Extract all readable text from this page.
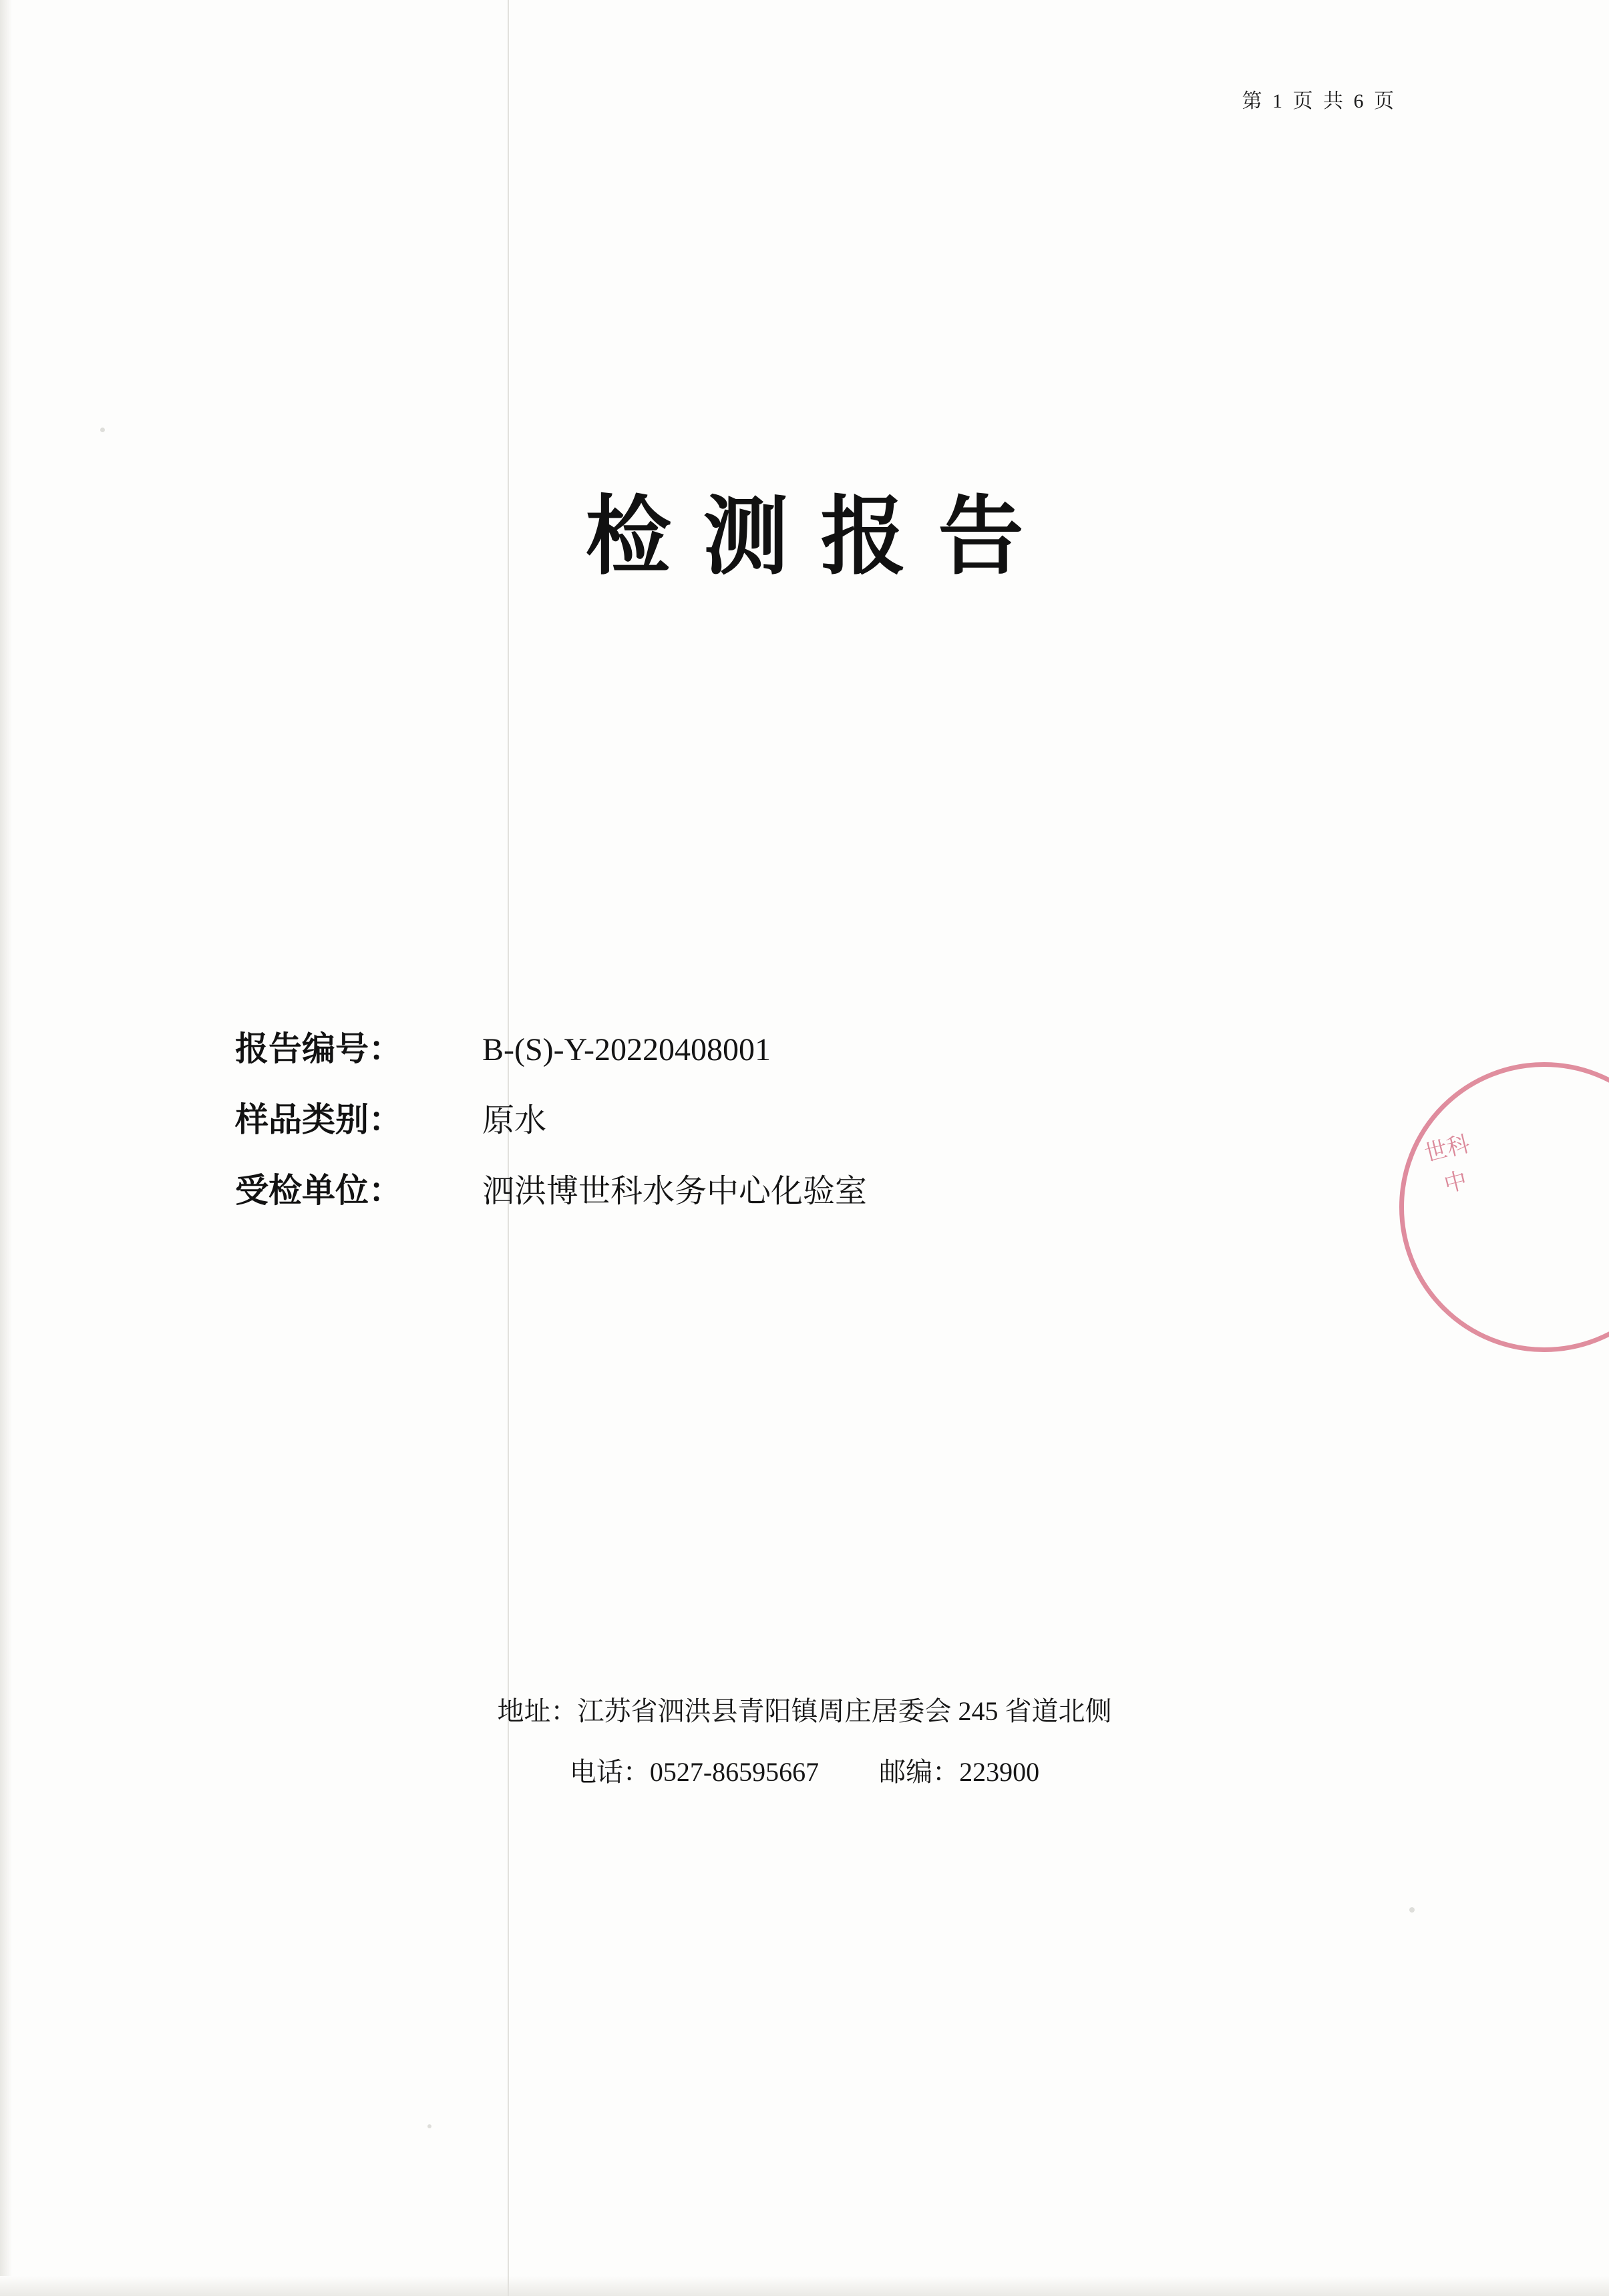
第 1 页 共 6 页
检测报告
报告编号：	B-(S)-Y-20220408001
样品类别：	原水
受检单位：	泗洪博世科水务中心化验室
世科中
地址：江苏省泗洪县青阳镇周庄居委会 245 省道北侧
电话：0527-86595667 邮编：223900
